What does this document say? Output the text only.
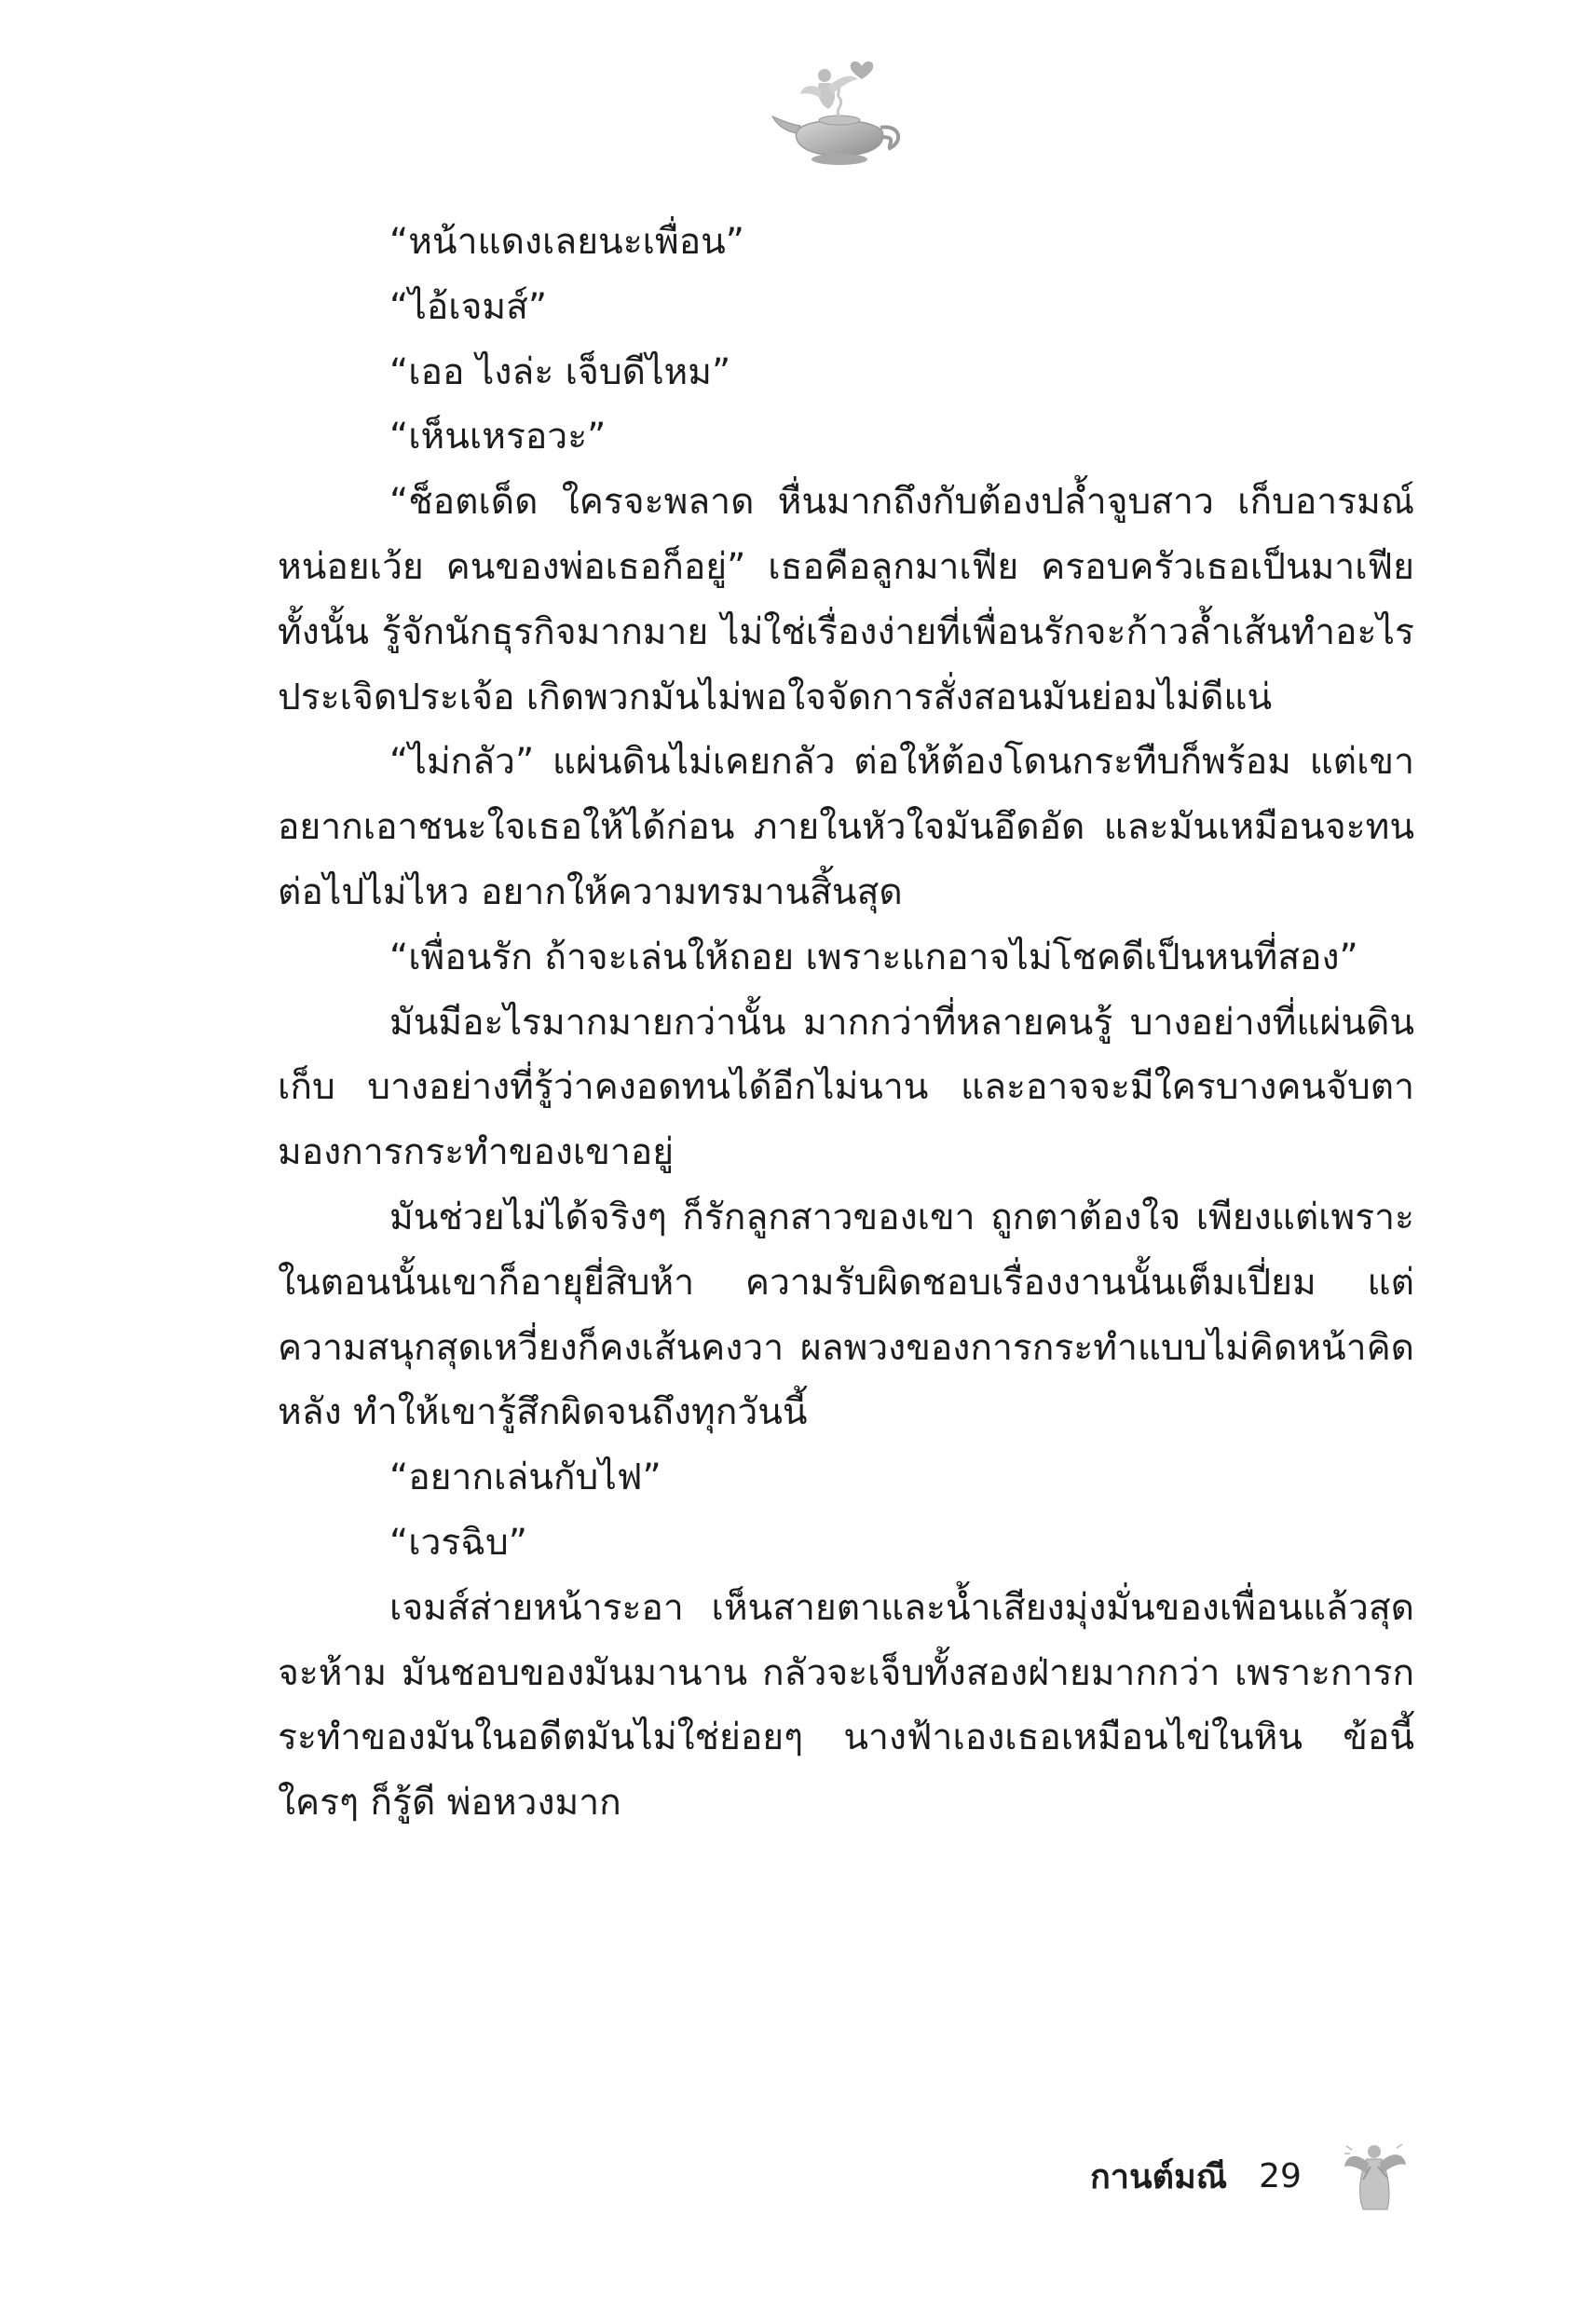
“หน้าแดงเลยนะเพื่อน”

“ไอ้เจมส์”

“เออ ไงล่ะ เจ็บดีไหม”

“เห็นเหรอวะ”

“ช็อตเด็ด ใครจะพลาด หื่นมากถึงกับต้องปล้ำจูบสาว เก็บอารมณ์หน่อยเว้ย คนของพ่อเธอก็อยู่” เธอคือลูกมาเฟีย ครอบครัวเธอเป็นมาเฟียทั้งนั้น รู้จักนักธุรกิจมากมาย ไม่ใช่เรื่องง่ายที่เพื่อนรักจะก้าวล้ำเส้นทำอะไรประเจิดประเจ้อ เกิดพวกมันไม่พอใจจัดการสั่งสอนมันย่อมไม่ดีแน่

“ไม่กลัว” แผ่นดินไม่เคยกลัว ต่อให้ต้องโดนกระทืบก็พร้อม แต่เขาอยากเอาชนะใจเธอให้ได้ก่อน ภายในหัวใจมันอึดอัด และมันเหมือนจะทนต่อไปไม่ไหว อยากให้ความทรมานสิ้นสุด

“เพื่อนรัก ถ้าจะเล่นให้ถอย เพราะแกอาจไม่โชคดีเป็นหนที่สอง”

มันมีอะไรมากมายกว่านั้น มากกว่าที่หลายคนรู้ บางอย่างที่แผ่นดินเก็บ บางอย่างที่รู้ว่าคงอดทนได้อีกไม่นาน และอาจจะมีใครบางคนจับตามองการกระทำของเขาอยู่

มันช่วยไม่ได้จริงๆ ก็รักลูกสาวของเขา ถูกตาต้องใจ เพียงแต่เพราะในตอนนั้นเขาก็อายุยี่สิบห้า ความรับผิดชอบเรื่องงานนั้นเต็มเปี่ยม แต่ความสนุกสุดเหวี่ยงก็คงเส้นคงวา ผลพวงของการกระทำแบบไม่คิดหน้าคิดหลัง ทำให้เขารู้สึกผิดจนถึงทุกวันนี้

“อยากเล่นกับไฟ”

“เวรฉิบ”

เจมส์ส่ายหน้าระอา เห็นสายตาและน้ำเสียงมุ่งมั่นของเพื่อนแล้วสุดจะห้าม มันชอบของมันมานาน กลัวจะเจ็บทั้งสองฝ่ายมากกว่า เพราะการกระทำของมันในอดีตมันไม่ใช่ย่อยๆ นางฟ้าเองเธอเหมือนไข่ในหิน ข้อนี้ใครๆ ก็รู้ดี พ่อหวงมาก

กานต์มณี 29
